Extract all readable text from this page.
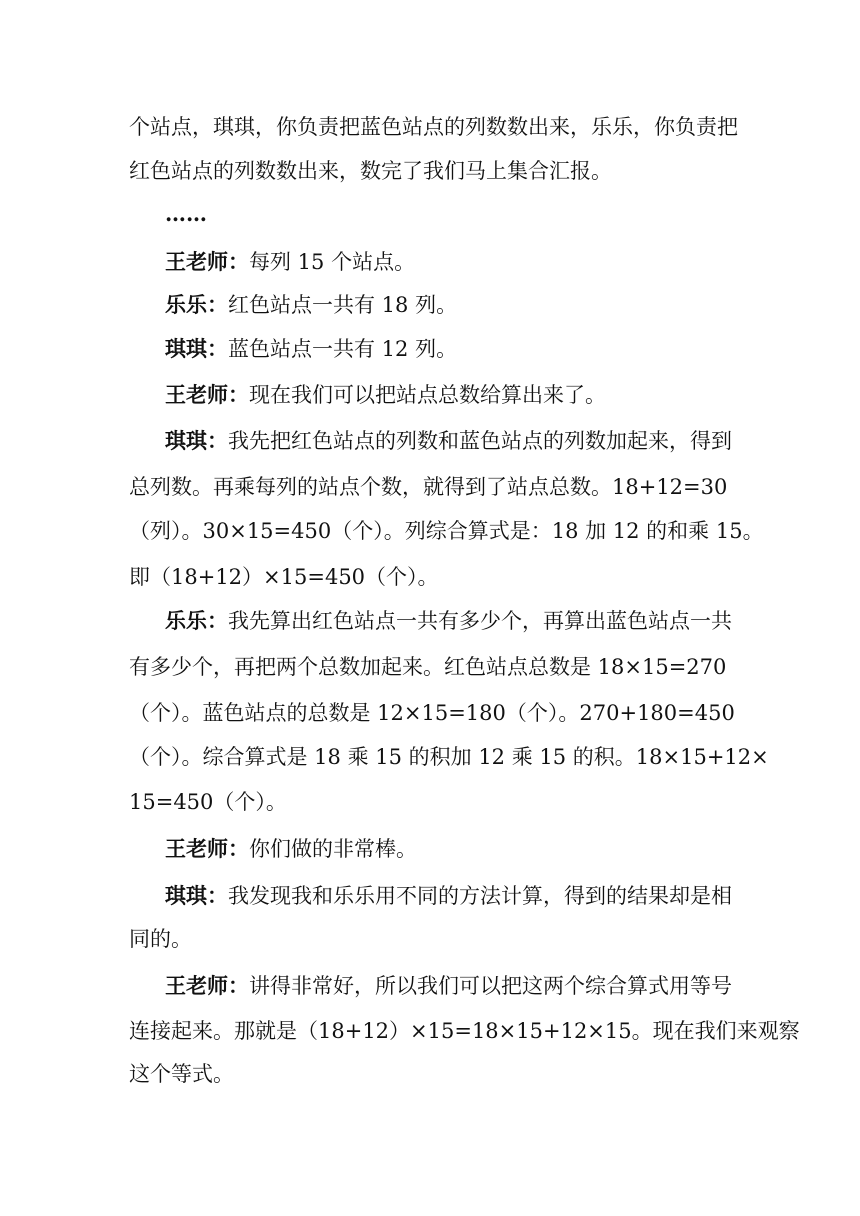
个站点，琪琪，你负责把蓝色站点的列数数出来，乐乐，你负责把
红色站点的列数数出来，数完了我们马上集合汇报。
……
王老师：每列 15 个站点。
乐乐：红色站点一共有 18 列。
琪琪：蓝色站点一共有 12 列。
王老师：现在我们可以把站点总数给算出来了。
琪琪：我先把红色站点的列数和蓝色站点的列数加起来，得到
总列数。再乘每列的站点个数，就得到了站点总数。18+12=30
（列）。30×15=450（个）。列综合算式是：18 加 12 的和乘 15。
即（18+12）×15=450（个）。
乐乐：我先算出红色站点一共有多少个，再算出蓝色站点一共
有多少个，再把两个总数加起来。红色站点总数是 18×15=270
（个）。蓝色站点的总数是 12×15=180（个）。270+180=450
（个）。综合算式是 18 乘 15 的积加 12 乘 15 的积。18×15+12×
15=450（个）。
王老师：你们做的非常棒。
琪琪：我发现我和乐乐用不同的方法计算，得到的结果却是相
同的。
王老师：讲得非常好，所以我们可以把这两个综合算式用等号
连接起来。那就是（18+12）×15=18×15+12×15。现在我们来观察
这个等式。
